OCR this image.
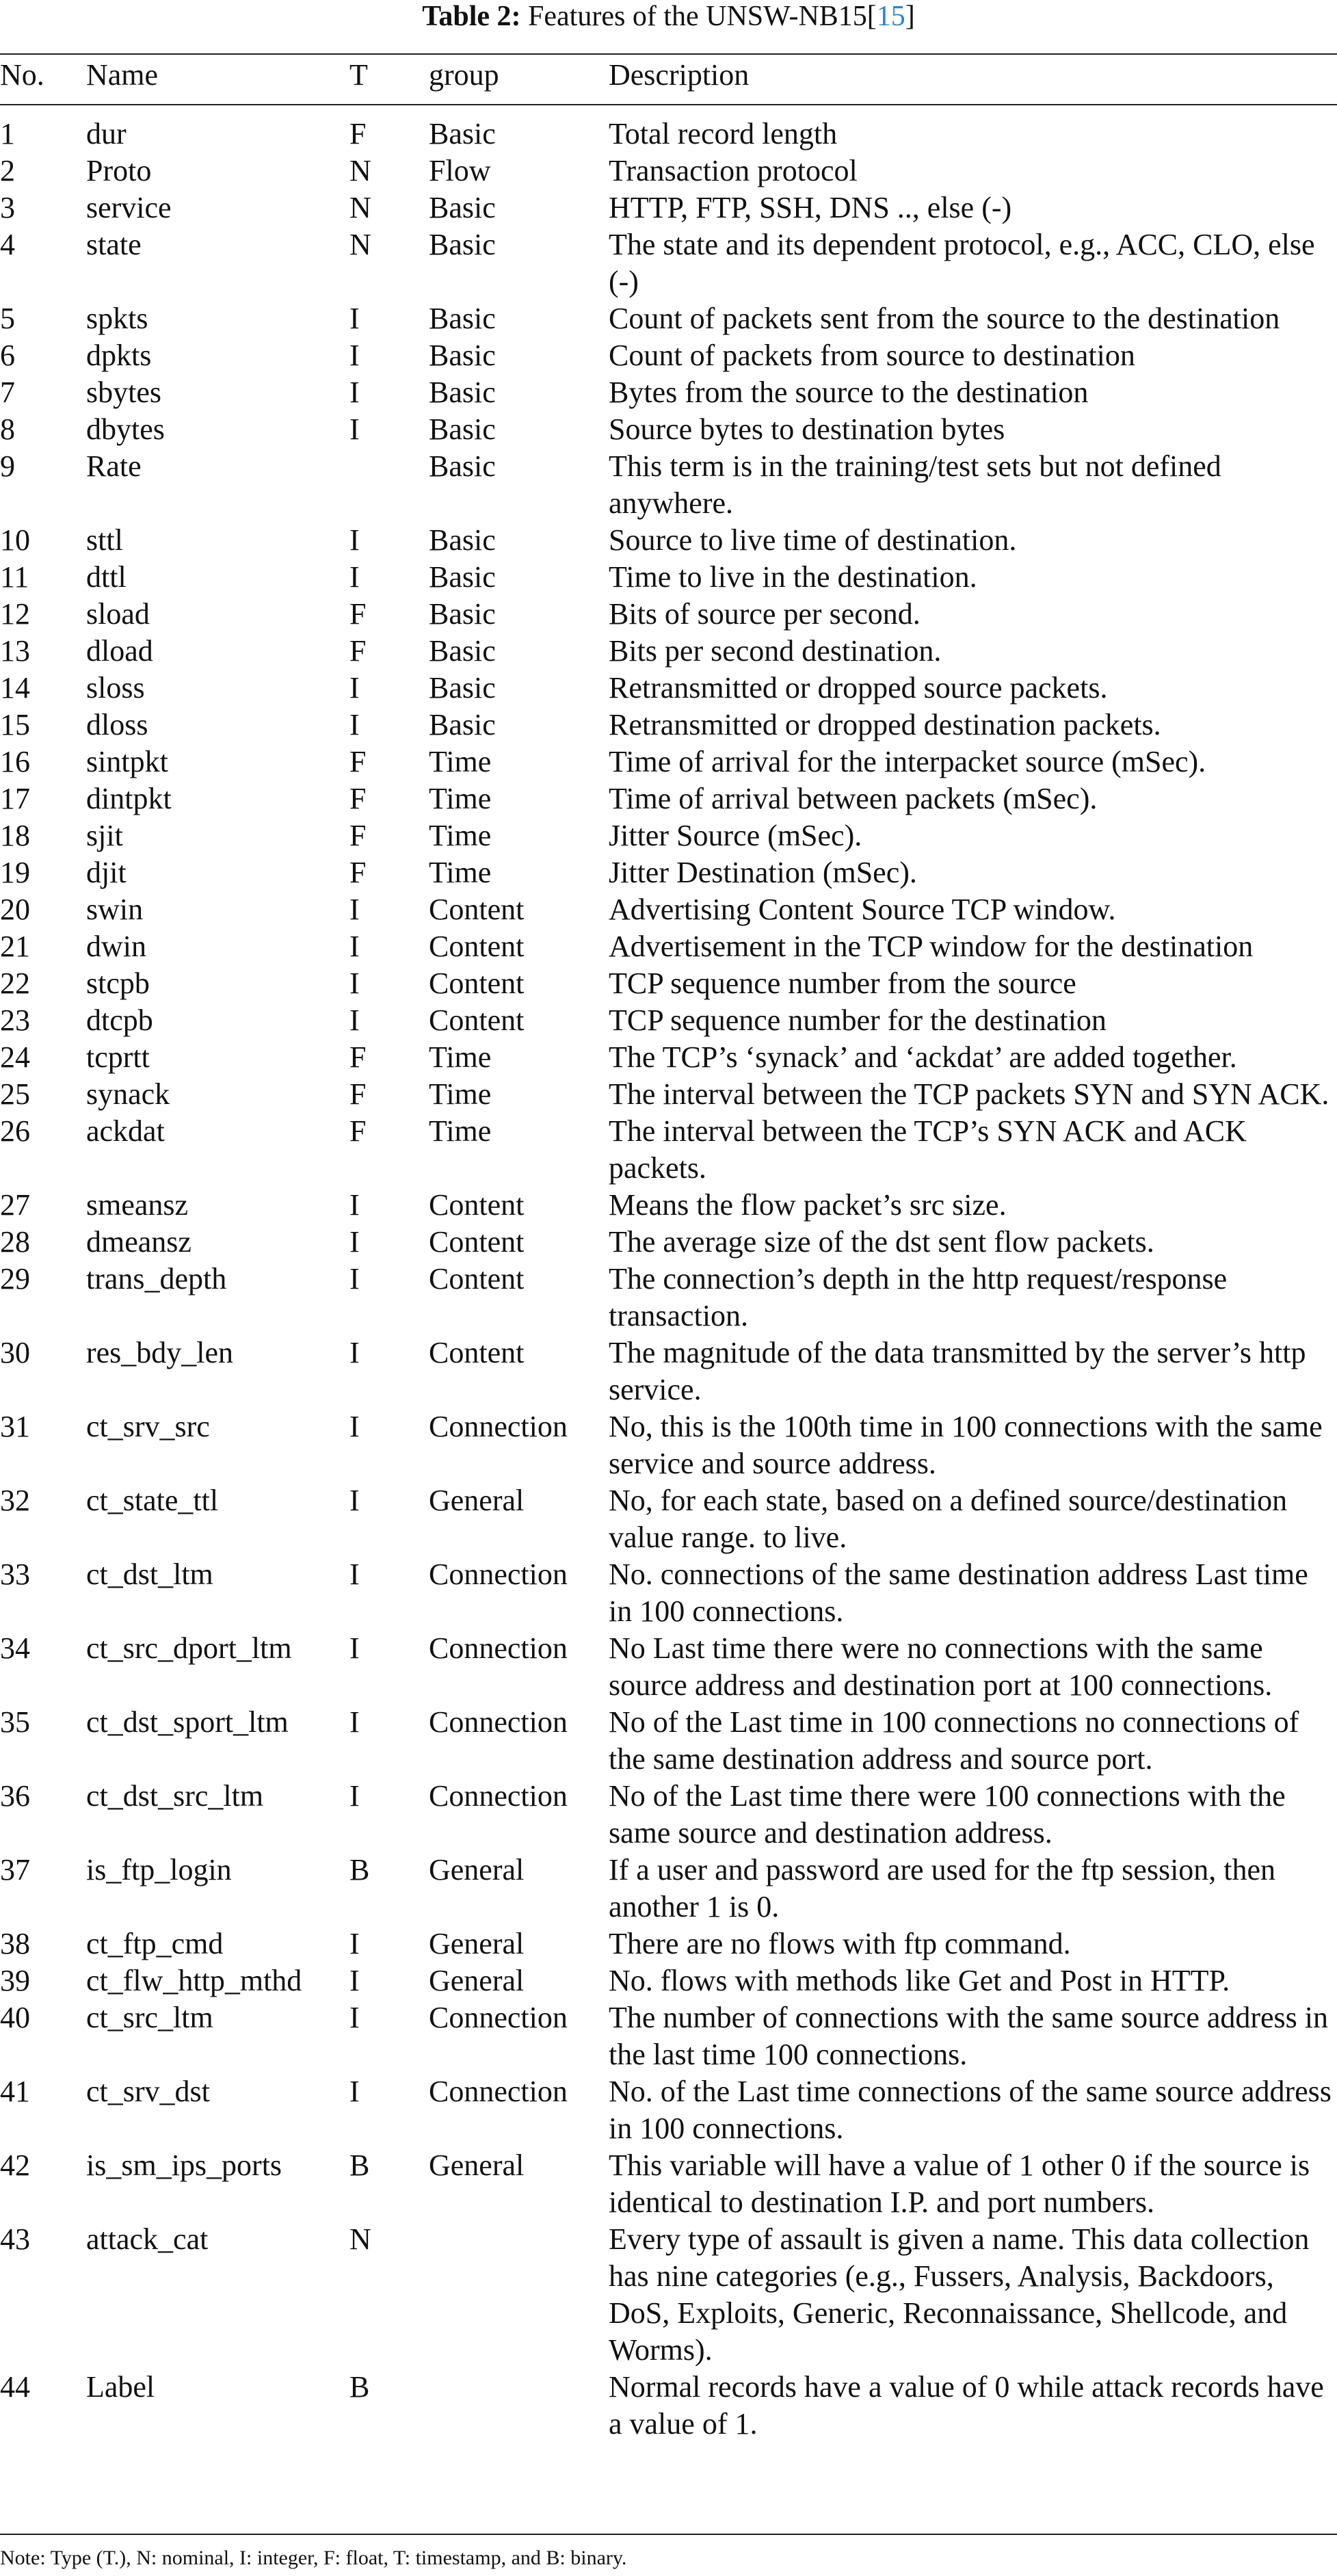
Table 2: Features of the UNSW-NB15[15]
No.	Name	T	group	Description
1	dur	F	Basic	Total record length
2	Proto	N	Flow	Transaction protocol
3	service	N	Basic	HTTP, FTP, SSH, DNS .., else (-)
4	state	N	Basic	The state and its dependent protocol, e.g., ACC, CLO, else (-)
5	spkts	I	Basic	Count of packets sent from the source to the destination
6	dpkts	I	Basic	Count of packets from source to destination
7	sbytes	I	Basic	Bytes from the source to the destination
8	dbytes	I	Basic	Source bytes to destination bytes
9	Rate		Basic	This term is in the training/test sets but not defined anywhere.
10	sttl	I	Basic	Source to live time of destination.
11	dttl	I	Basic	Time to live in the destination.
12	sload	F	Basic	Bits of source per second.
13	dload	F	Basic	Bits per second destination.
14	sloss	I	Basic	Retransmitted or dropped source packets.
15	dloss	I	Basic	Retransmitted or dropped destination packets.
16	sintpkt	F	Time	Time of arrival for the interpacket source (mSec).
17	dintpkt	F	Time	Time of arrival between packets (mSec).
18	sjit	F	Time	Jitter Source (mSec).
19	djit	F	Time	Jitter Destination (mSec).
20	swin	I	Content	Advertising Content Source TCP window.
21	dwin	I	Content	Advertisement in the TCP window for the destination
22	stcpb	I	Content	TCP sequence number from the source
23	dtcpb	I	Content	TCP sequence number for the destination
24	tcprtt	F	Time	The TCP’s ‘synack’ and ‘ackdat’ are added together.
25	synack	F	Time	The interval between the TCP packets SYN and SYN ACK.
26	ackdat	F	Time	The interval between the TCP’s SYN ACK and ACK packets.
27	smeansz	I	Content	Means the flow packet’s src size.
28	dmeansz	I	Content	The average size of the dst sent flow packets.
29	trans_depth	I	Content	The connection’s depth in the http request/response transaction.
30	res_bdy_len	I	Content	The magnitude of the data transmitted by the server’s http service.
31	ct_srv_src	I	Connection	No, this is the 100th time in 100 connections with the same service and source address.
32	ct_state_ttl	I	General	No, for each state, based on a defined source/destination value range. to live.
33	ct_dst_ltm	I	Connection	No. connections of the same destination address Last time in 100 connections.
34	ct_src_dport_ltm	I	Connection	No Last time there were no connections with the same source address and destination port at 100 connections.
35	ct_dst_sport_ltm	I	Connection	No of the Last time in 100 connections no connections of the same destination address and source port.
36	ct_dst_src_ltm	I	Connection	No of the Last time there were 100 connections with the same source and destination address.
37	is_ftp_login	B	General	If a user and password are used for the ftp session, then another 1 is 0.
38	ct_ftp_cmd	I	General	There are no flows with ftp command.
39	ct_flw_http_mthd	I	General	No. flows with methods like Get and Post in HTTP.
40	ct_src_ltm	I	Connection	The number of connections with the same source address in the last time 100 connections.
41	ct_srv_dst	I	Connection	No. of the Last time connections of the same source address in 100 connections.
42	is_sm_ips_ports	B	General	This variable will have a value of 1 other 0 if the source is identical to destination I.P. and port numbers.
43	attack_cat	N		Every type of assault is given a name. This data collection has nine categories (e.g., Fussers, Analysis, Backdoors, DoS, Exploits, Generic, Reconnaissance, Shellcode, and Worms).
44	Label	B		Normal records have a value of 0 while attack records have a value of 1.
Note: Type (T.), N: nominal, I: integer, F: float, T: timestamp, and B: binary.
